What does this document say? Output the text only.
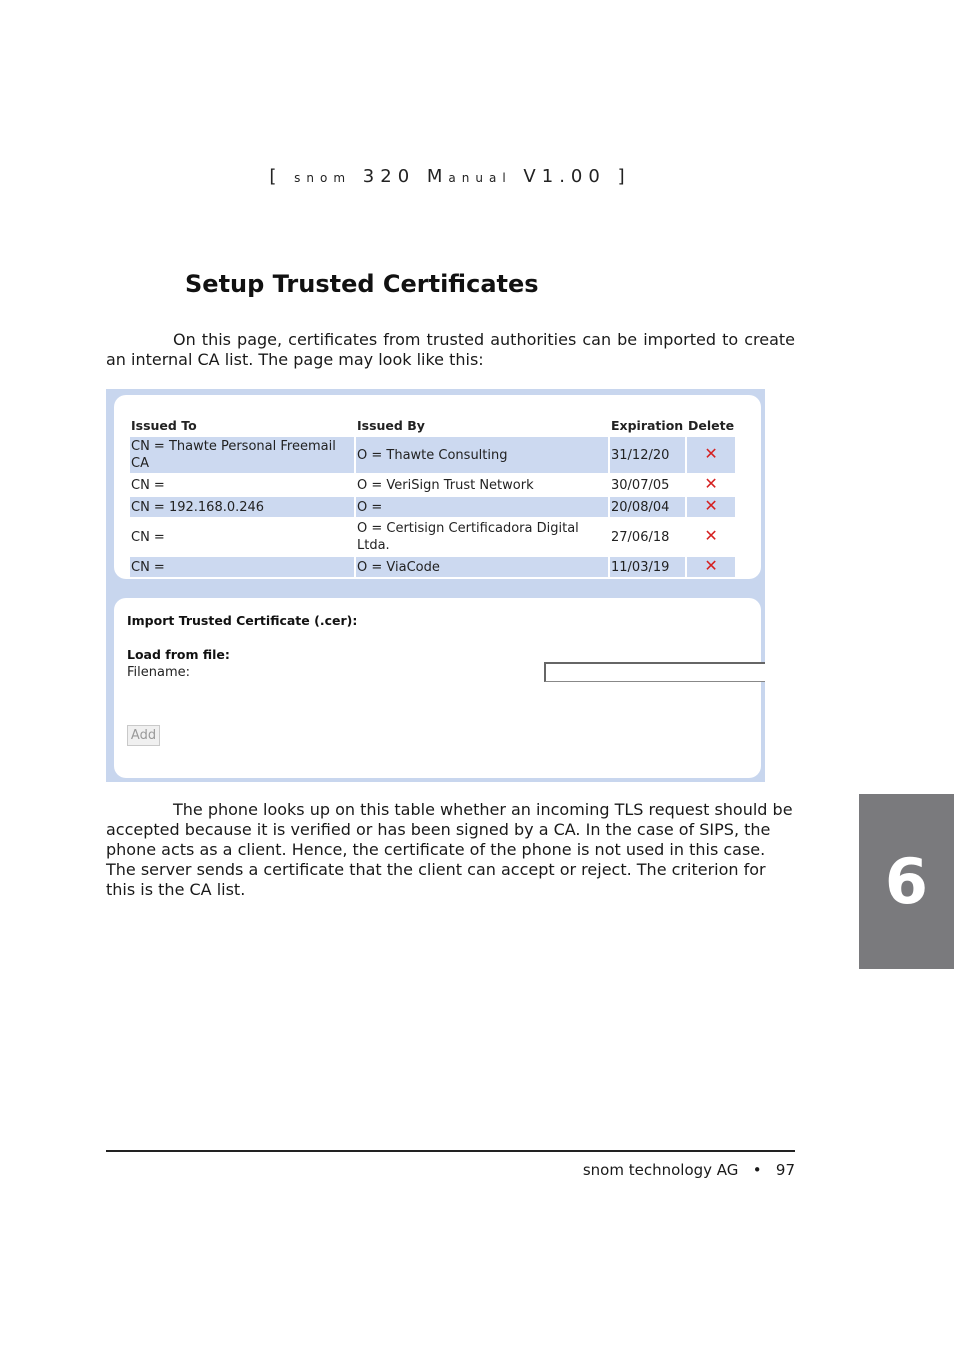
[ snom 320 Manual V1.00 ]
Setup Trusted Certificates

On this page, certificates from trusted authorities can be imported to create an internal CA list. The page may look like this:

Issued To	Issued By	Expiration	Delete
CN = Thawte Personal Freemail CA	O = Thawte Consulting	31/12/20	✕
CN =	O = VeriSign Trust Network	30/07/05	✕
CN = 192.168.0.246	O =	20/08/04	✕
CN =	O = Certisign Certificadora Digital Ltda.	27/06/18	✕
CN =	O = ViaCode	11/03/19	✕
Import Trusted Certificate (.cer):
Load from file:
Filename:
Add

The phone looks up on this table whether an incoming TLS request should be accepted because it is verified or has been signed by a CA. In the case of SIPS, the phone acts as a client. Hence, the certificate of the phone is not used in this case. The server sends a certificate that the client can accept or reject. The criterion for this is the CA list.

snom technology AG • 97
6
